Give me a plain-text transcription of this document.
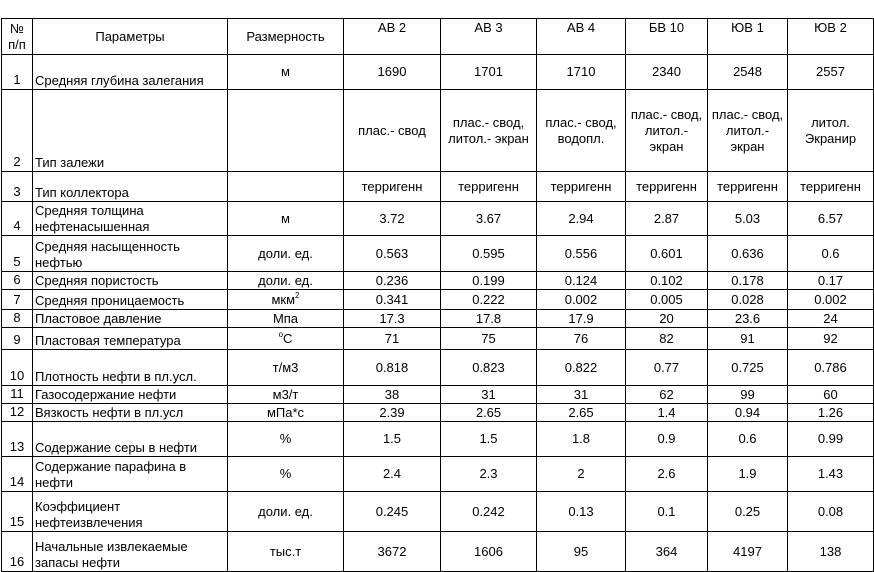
№ п/п	Параметры	Размерность	АВ 2	АВ 3	АВ 4	БВ 10	ЮВ 1	ЮВ 2
1	Средняя глубина залегания	м	1690	1701	1710	2340	2548	2557
2	Тип залежи		плас.- свод	плас.- свод, литол.- экран	плас.- свод, водопл.	плас.- свод, литол.- экран	плас.- свод, литол.- экран	литол. Экранир
3	Тип коллектора		терригенн	терригенн	терригенн	терригенн	терригенн	терригенн
4	Средняя толщина нефтенасышенная	м	3.72	3.67	2.94	2.87	5.03	6.57
5	Средняя насыщенность нефтью	доли. ед.	0.563	0.595	0.556	0.601	0.636	0.6
6	Средняя пористость	доли. ед.	0.236	0.199	0.124	0.102	0.178	0.17
7	Средняя проницаемость	мкм$^2$	0.341	0.222	0.002	0.005	0.028	0.002
8	Пластовое давление	Мпа	17.3	17.8	17.9	20	23.6	24
9	Пластовая температура	$^o$C	71	75	76	82	91	92
10	Плотность нефти в пл.усл.	т/м3	0.818	0.823	0.822	0.77	0.725	0.786
11	Газосодержание нефти	м3/т	38	31	31	62	99	60
12	Вязкость нефти в пл.усл	мПа*с	2.39	2.65	2.65	1.4	0.94	1.26
13	Содержание серы в нефти	%	1.5	1.5	1.8	0.9	0.6	0.99
14	Содержание парафина в нефти	%	2.4	2.3	2	2.6	1.9	1.43
15	Коэффициент нефтеизвлечения	доли. ед.	0.245	0.242	0.13	0.1	0.25	0.08
16	Начальные извлекаемые запасы нефти	тыс.т	3672	1606	95	364	4197	138
